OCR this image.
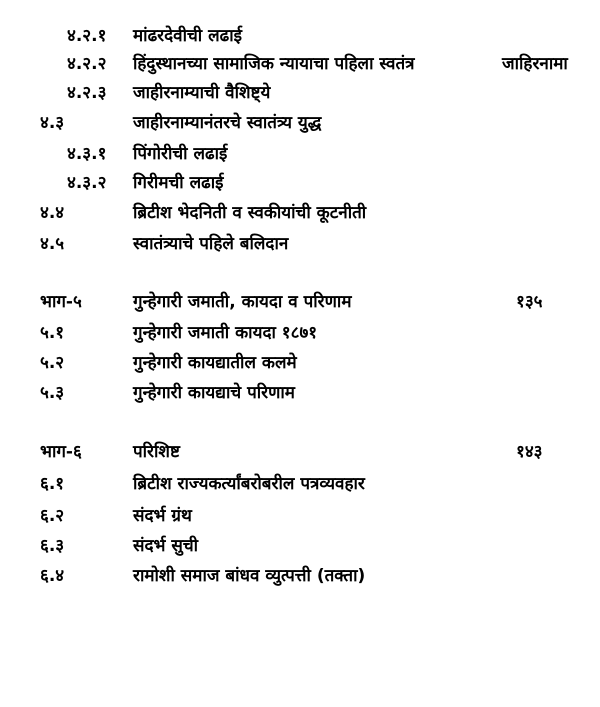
४.२.१ मांढरदेवीची लढाई
४.२.२ हिंदुस्थानच्या सामाजिक न्यायाचा पहिला स्वतंत्र	जाहिरनामा
४.२.३ जाहीरनाम्याची वैशिष्ट्ये
४.३	जाहीरनाम्यानंतरचे स्वातंत्र्य युद्ध
४.३.१ पिंगोरीची लढाई
४.३.२ गिरीमची लढाई
४.४	ब्रिटीश भेदनिती व स्वकीयांची कूटनीती
४.५	स्वातंत्र्याचे पहिले बलिदान
भाग-५	गुन्हेगारी जमाती, कायदा व परिणाम	१३५
५.१	गुन्हेगारी जमाती कायदा १८७१
५.२	गुन्हेगारी कायद्यातील कलमे
५.३	गुन्हेगारी कायद्याचे परिणाम
भाग-६	परिशिष्ट	१४३
६.१	ब्रिटीश राज्यकर्त्यांबरोबरील पत्रव्यवहार
६.२	संदर्भ ग्रंथ
६.३	संदर्भ सुची
६.४	रामोशी समाज बांधव व्युत्पत्ती (तक्ता)
